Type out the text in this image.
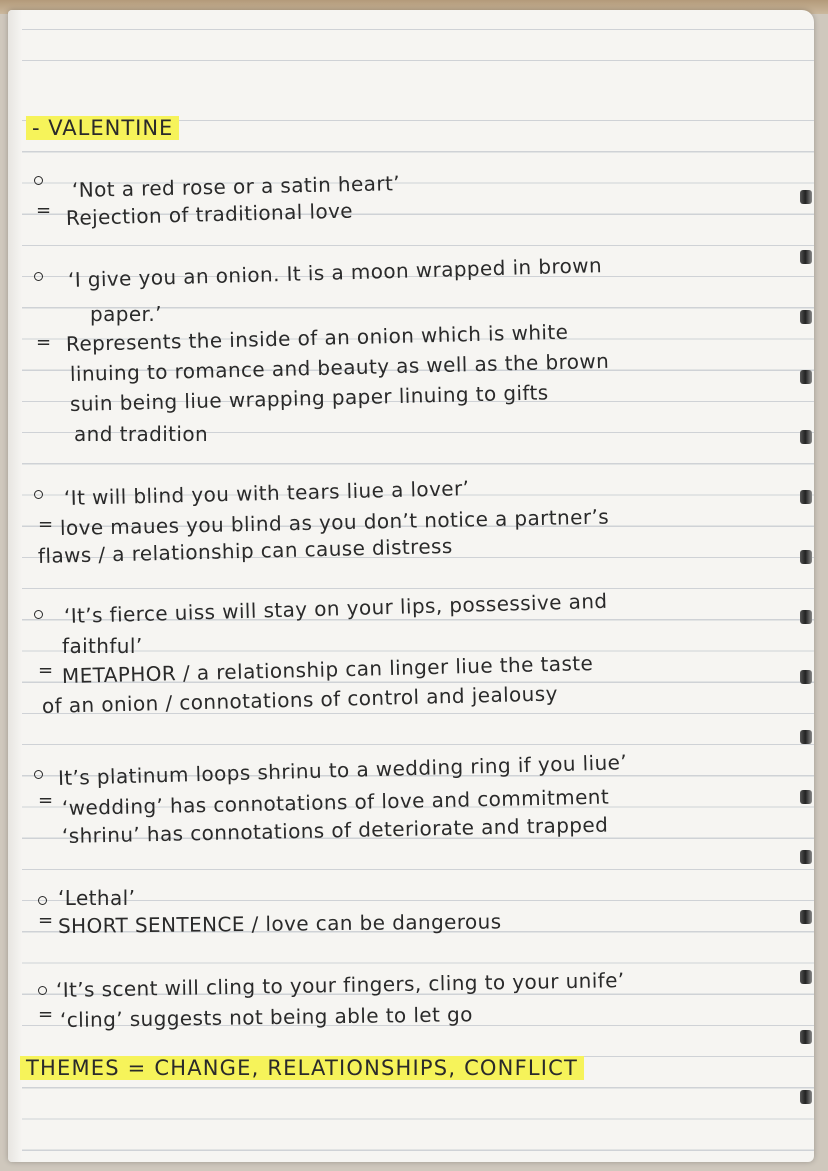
- VALENTINE
‘Not a red rose or a satin heart’
= Rejection of traditional love
‘I give you an onion. It is a moon wrapped in brown
paper.’
= Represents the inside of an onion which is white
linuing to romance and beauty as well as the brown
suin being liue wrapping paper linuing to gifts
and tradition
‘It will blind you with tears liue a lover’
= love maues you blind as you don’t notice a partner’s
flaws / a relationship can cause distress
‘It’s fierce uiss will stay on your lips, possessive and
faithful’
= METAPHOR / a relationship can linger liue the taste
of an onion / connotations of control and jealousy
It’s platinum loops shrinu to a wedding ring if you liue’
= ‘wedding’ has connotations of love and commitment
‘shrinu’ has connotations of deteriorate and trapped
‘Lethal’
= SHORT SENTENCE / love can be dangerous
‘It’s scent will cling to your fingers, cling to your unife’
= ‘cling’ suggests not being able to let go
THEMES = CHANGE, RELATIONSHIPS, CONFLICT
